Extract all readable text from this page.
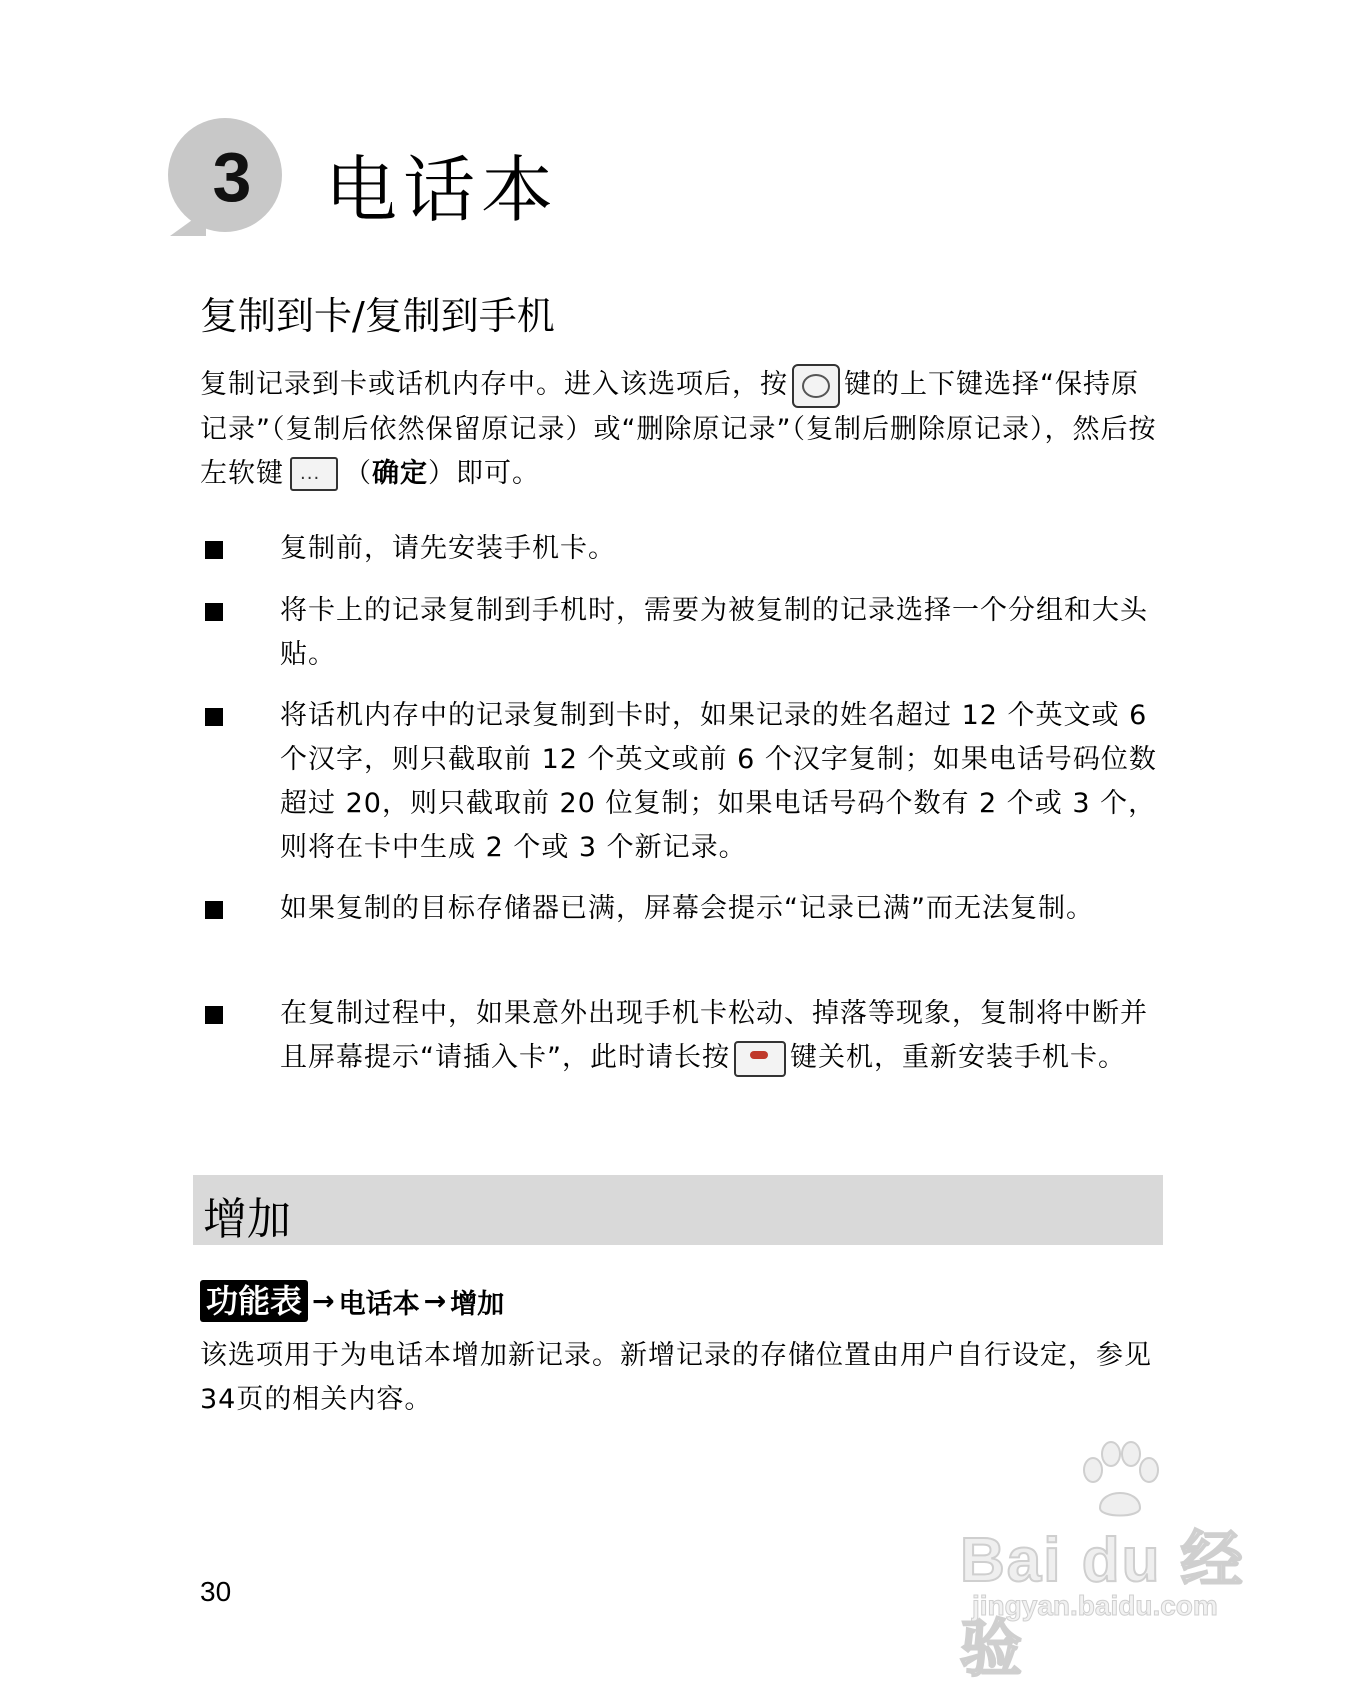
3 电话本
复制到卡/复制到手机
复制记录到卡或话机内存中。进入该选项后，按 键的上下键选择“保持原记录”（复制后依然保留原记录）或“删除原记录”（复制后删除原记录），然后按左软键··· （确定）即可。
复制前，请先安装手机卡。
将卡上的记录复制到手机时，需要为被复制的记录选择一个分组和大头贴。
将话机内存中的记录复制到卡时，如果记录的姓名超过 12 个英文或 6 个汉字，则只截取前 12 个英文或前 6 个汉字复制；如果电话号码位数超过 20，则只截取前 20 位复制；如果电话号码个数有 2 个或 3 个，则将在卡中生成 2 个或 3 个新记录。
如果复制的目标存储器已满，屏幕会提示“记录已满”而无法复制。
在复制过程中，如果意外出现手机卡松动、掉落等现象，复制将中断并且屏幕提示“请插入卡”，此时请长按 键关机，重新安装手机卡。
增加
功能表 → 电话本 → 增加
该选项用于为电话本增加新记录。新增记录的存储位置由用户自行设定，参见34页的相关内容。
30	Bai du 经验
jingyan.baidu.com
